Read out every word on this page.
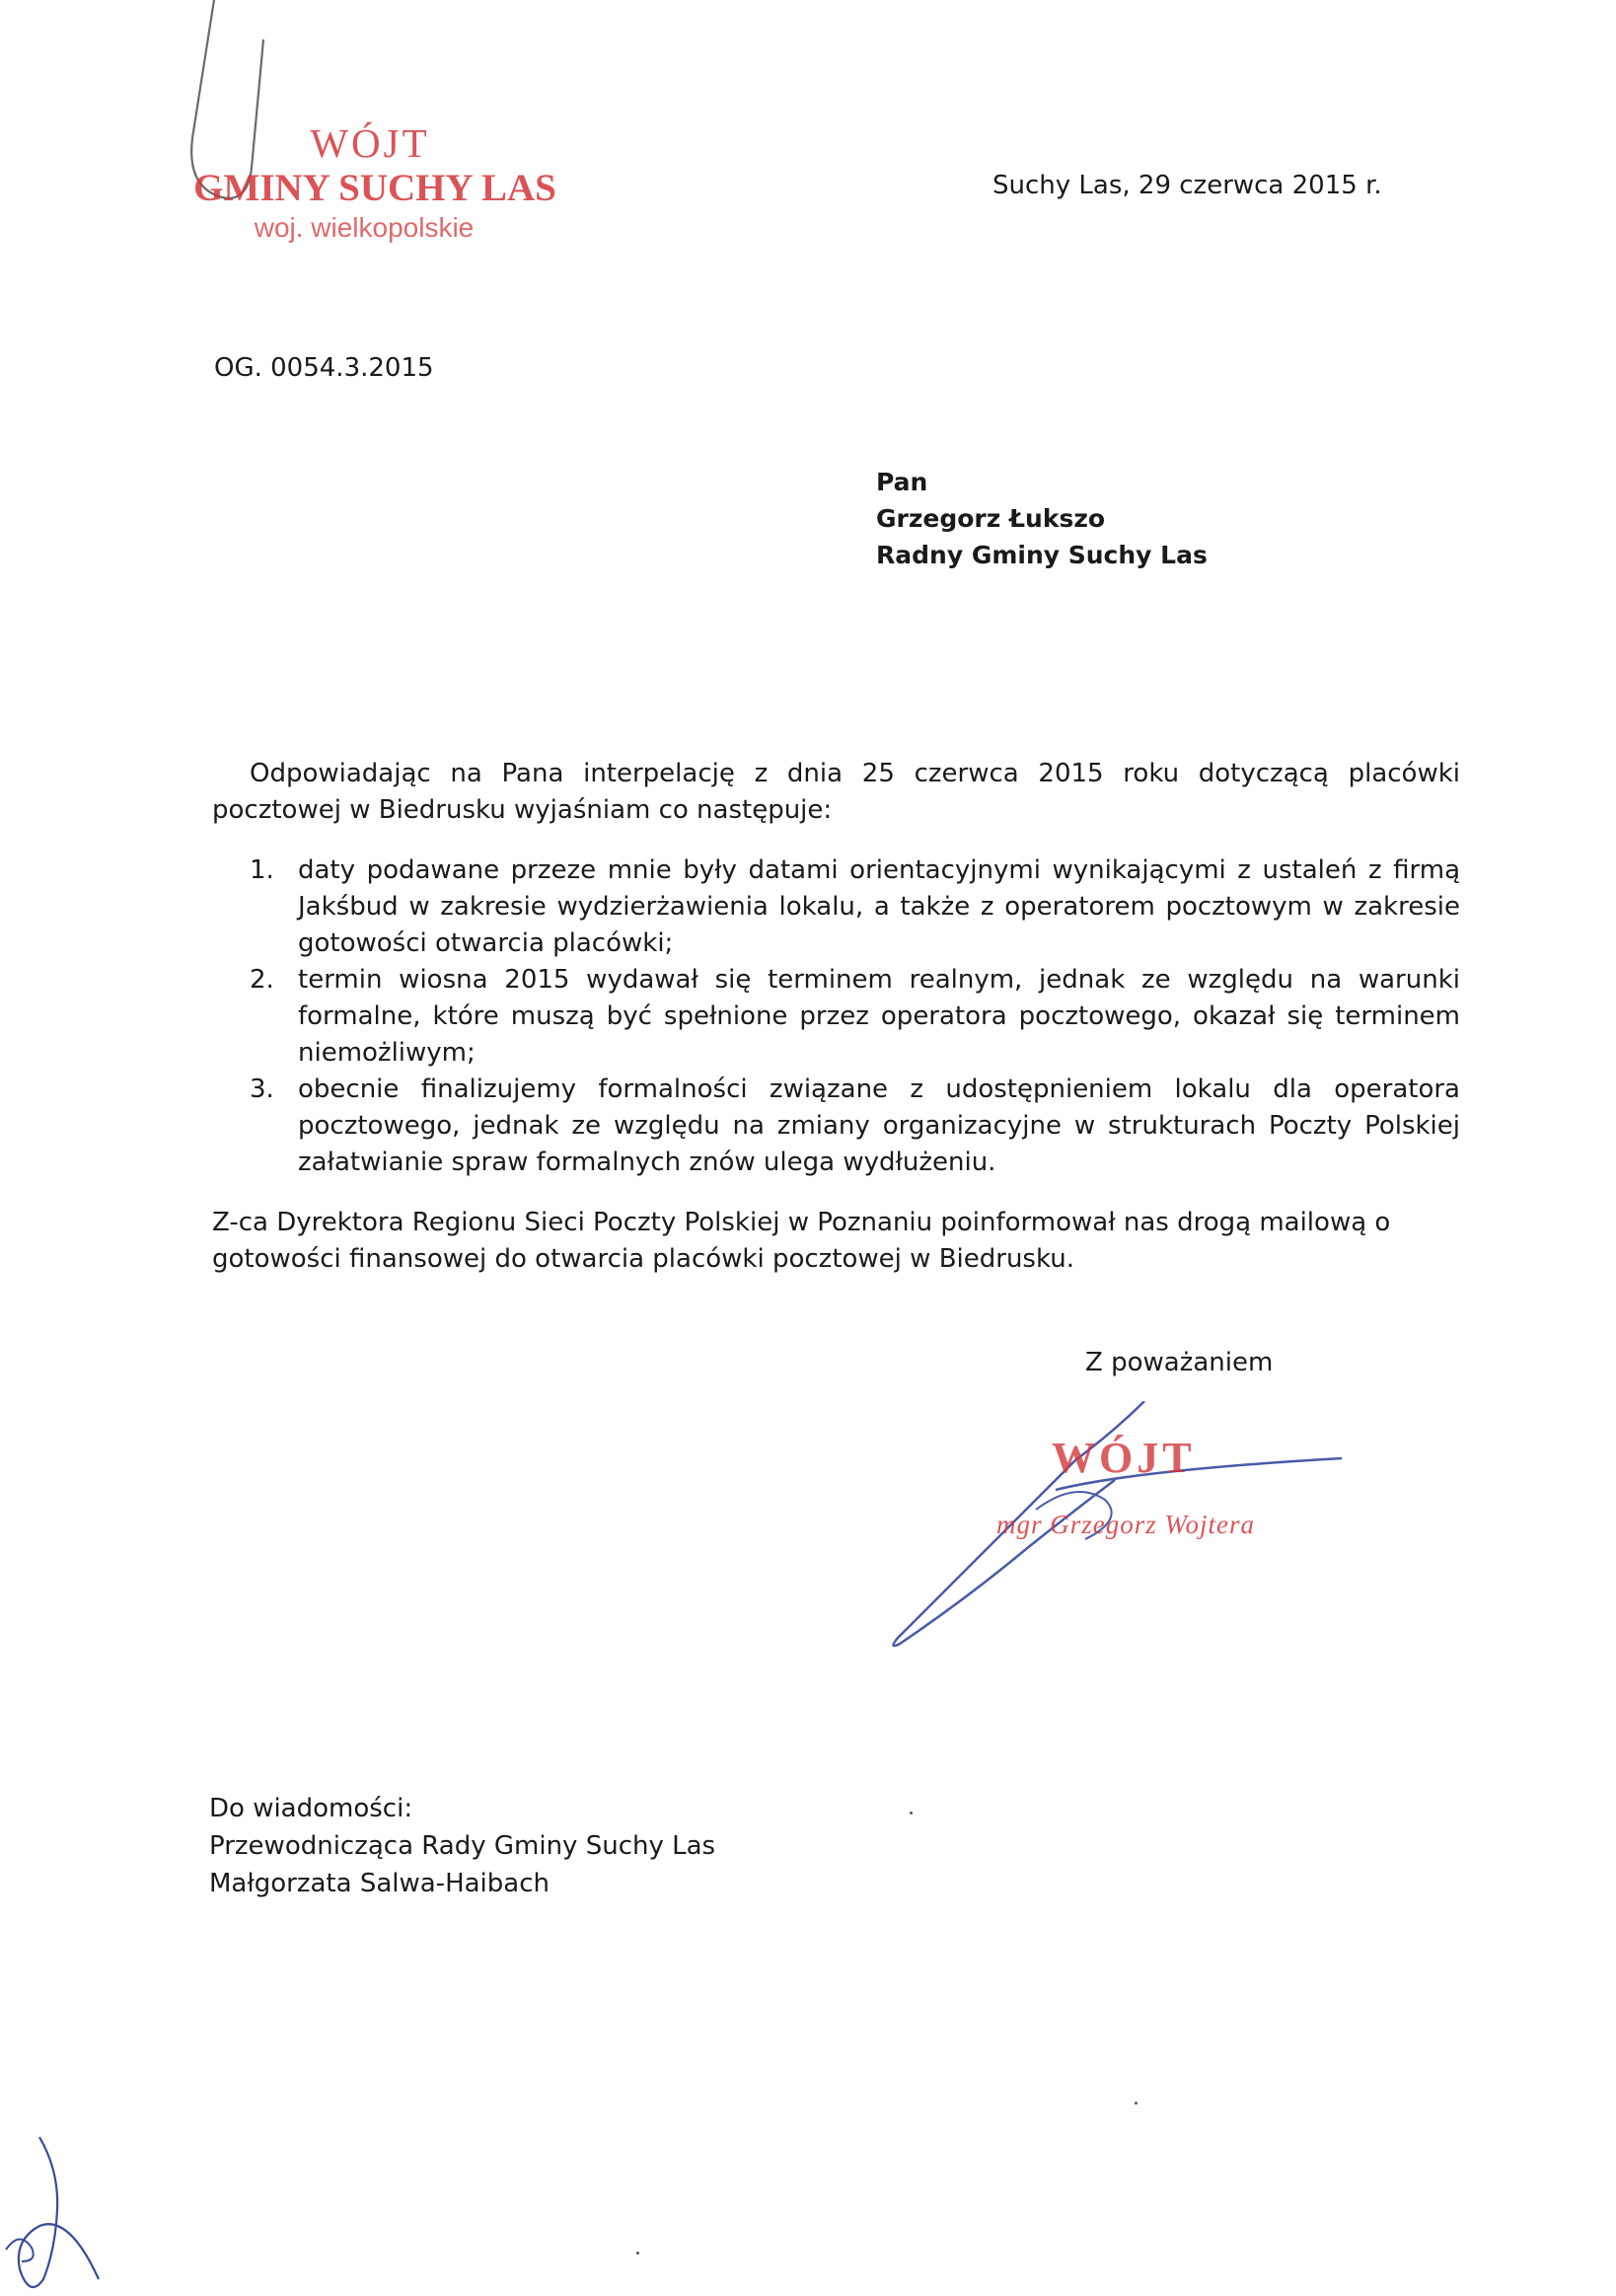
WÓJT
GMINY SUCHY LAS
woj. wielkopolskie
Suchy Las, 29 czerwca 2015 r.
OG. 0054.3.2015
Pan
Grzegorz Łukszo
Radny Gminy Suchy Las

Odpowiadając na Pana interpelację z dnia 25 czerwca 2015 roku dotyczącą placówki pocztowej w Biedrusku wyjaśniam co następuje:

1. daty podawane przeze mnie były datami orientacyjnymi wynikającymi z ustaleń z firmą Jakśbud w zakresie wydzierżawienia lokalu, a także z operatorem pocztowym w zakresie gotowości otwarcia placówki;
2. termin wiosna 2015 wydawał się terminem realnym, jednak ze względu na warunki formalne, które muszą być spełnione przez operatora pocztowego, okazał się terminem niemożliwym;
3. obecnie finalizujemy formalności związane z udostępnieniem lokalu dla operatora pocztowego, jednak ze względu na zmiany organizacyjne w strukturach Poczty Polskiej załatwianie spraw formalnych znów ulega wydłużeniu.

Z-ca Dyrektora Regionu Sieci Poczty Polskiej w Poznaniu poinformował nas drogą mailową o gotowości finansowej do otwarcia placówki pocztowej w Biedrusku.

Z poważaniem
WÓJT
mgr Grzegorz Wojtera
Do wiadomości:
Przewodnicząca Rady Gminy Suchy Las
Małgorzata Salwa-Haibach
